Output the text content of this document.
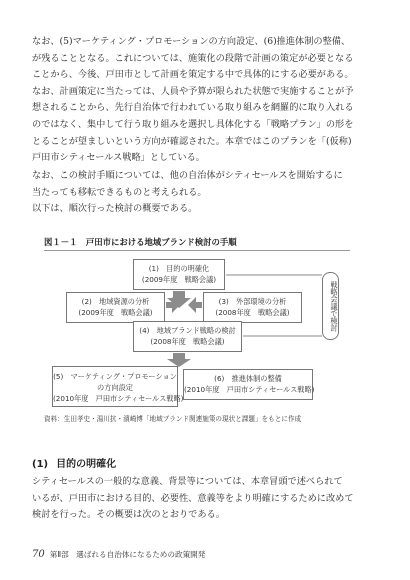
なお、(5)マーケティング・プロモーションの方向設定、(6)推進体制の整備、
が残ることとなる。これについては、施策化の段階で計画の策定が必要となる
ことから、今後、戸田市として計画を策定する中で具体的にする必要がある。
なお、計画策定に当たっては、人員や予算が限られた状態で実施することが予
想されることから、先行自治体で行われている取り組みを網羅的に取り入れる
のではなく、集中して行う取り組みを選択し具体化する「戦略プラン」の形を
とることが望ましいという方向が確認された。本章ではこのプランを「(仮称)
戸田市シティセールス戦略」としている。

なお、この検討手順については、他の自治体がシティセールスを開始するに
当たっても移転できるものと考えられる。
以下は、順次行った検討の概要である。

図１－１　戸田市における地域ブランド検討の手順
(1)　目的の明確化
(2009年度　戦略会議)
(2)　地域資源の分析
(2009年度　戦略会議)
(3)　外部環境の分析
(2008年度　戦略会議)
(4)　地域ブランド戦略の検討
(2008年度　戦略会議)
(5)　マーケティング・プロモーション
の方向設定
(2010年度　戸田市シティセールス戦略)
(6)　推進体制の整備
(2010年度　戸田市シティセールス戦略)
戦略会議で検討
資料：生田孝史・湯川抗・濱崎博「地域ブランド関連施策の現状と課題」をもとに作成
(1) 目的の明確化

シティセールスの一般的な意義、背景等については、本章冒頭で述べられて
いるが、戸田市における目的、必要性、意義等をより明確にするために改めて
検討を行った。その概要は次のとおりである。

70 第Ⅱ部　選ばれる自治体になるための政策開発
